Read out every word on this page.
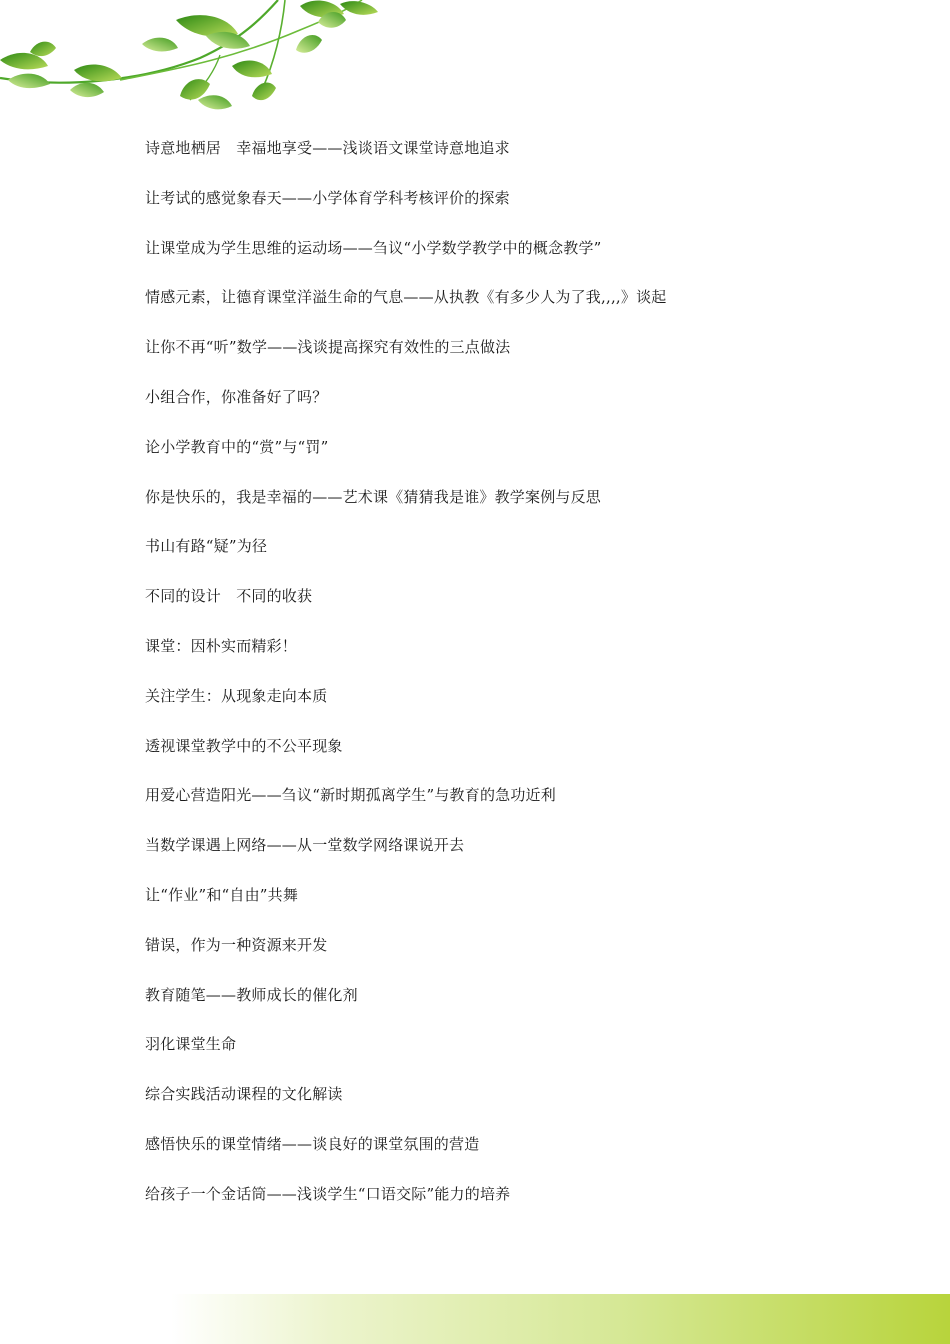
诗意地栖居　幸福地享受——浅谈语文课堂诗意地追求
让考试的感觉象春天——小学体育学科考核评价的探索
让课堂成为学生思维的运动场——刍议“小学数学教学中的概念教学”
情感元素，让德育课堂洋溢生命的气息——从执教《有多少人为了我,,,,》谈起
让你不再“听”数学——浅谈提高探究有效性的三点做法
小组合作，你准备好了吗？
论小学教育中的“赏”与“罚”
你是快乐的，我是幸福的——艺术课《猜猜我是谁》教学案例与反思
书山有路“疑”为径
不同的设计　不同的收获
课堂：因朴实而精彩！
关注学生：从现象走向本质
透视课堂教学中的不公平现象
用爱心营造阳光——刍议“新时期孤离学生”与教育的急功近利
当数学课遇上网络——从一堂数学网络课说开去
让“作业”和“自由”共舞
错误，作为一种资源来开发
教育随笔——教师成长的催化剂
羽化课堂生命
综合实践活动课程的文化解读
感悟快乐的课堂情绪——谈良好的课堂氛围的营造
给孩子一个金话筒——浅谈学生“口语交际”能力的培养
